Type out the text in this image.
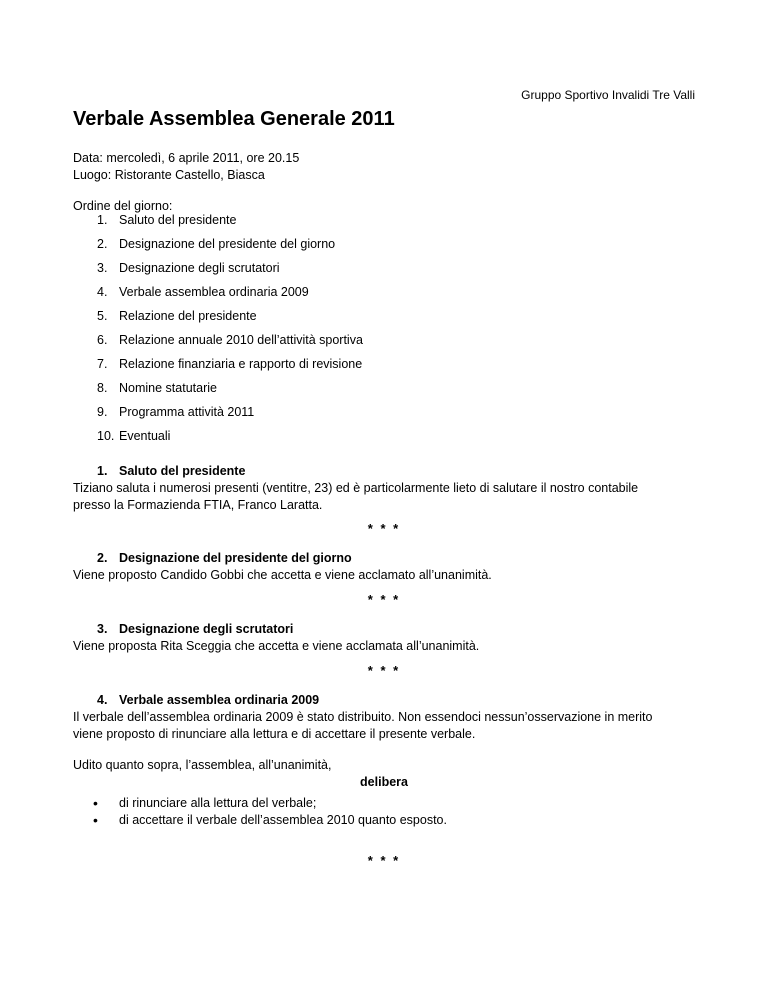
Gruppo Sportivo Invalidi Tre Valli
Verbale Assemblea Generale 2011
Data: mercoledì, 6 aprile 2011, ore 20.15
Luogo: Ristorante Castello, Biasca
Ordine del giorno:
1. Saluto del presidente
2. Designazione del presidente del giorno
3. Designazione degli scrutatori
4. Verbale assemblea ordinaria 2009
5. Relazione del presidente
6. Relazione annuale 2010 dell’attività sportiva
7. Relazione finanziaria e rapporto di revisione
8. Nomine statutarie
9. Programma attività 2011
10. Eventuali
1. Saluto del presidente
Tiziano saluta i numerosi presenti (ventitre, 23) ed è particolarmente lieto di salutare il nostro contabile
presso la Formazienda FTIA, Franco Laratta.
* * *
2. Designazione del presidente del giorno
Viene proposto Candido Gobbi che accetta e viene acclamato all’unanimità.
* * *
3. Designazione degli scrutatori
Viene proposta Rita Sceggia che accetta e viene acclamata all’unanimità.
* * *
4. Verbale assemblea ordinaria 2009
Il verbale dell’assemblea ordinaria 2009 è stato distribuito. Non essendoci nessun’osservazione in merito
viene proposto di rinunciare alla lettura e di accettare il presente verbale.
Udito quanto sopra, l’assemblea, all’unanimità,
delibera
• di rinunciare alla lettura del verbale;
• di accettare il verbale dell’assemblea 2010 quanto esposto.
* * *
